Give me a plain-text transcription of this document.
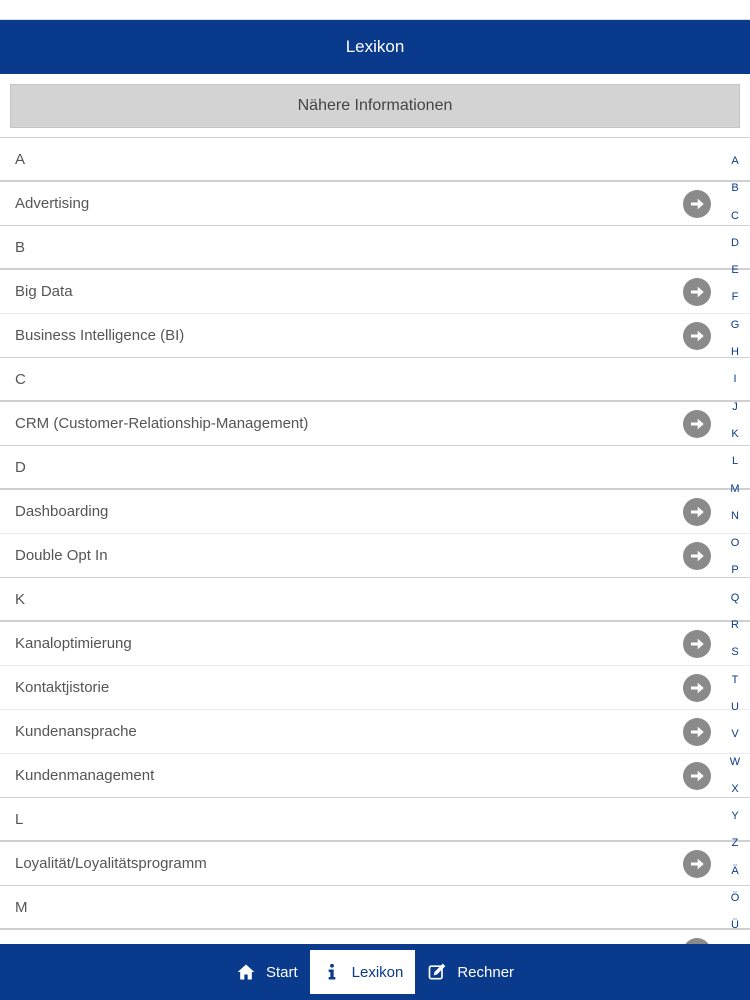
Lexikon
Nähere Informationen
A
Advertising
B
Big Data
Business Intelligence (BI)
C
CRM (Customer-Relationship-Management)
D
Dashboarding
Double Opt In
K
Kanaloptimierung
Kontaktjistorie
Kundenansprache
Kundenmanagement
L
Loyalität/Loyalitätsprogramm
M
A
B
C
D
E
F
G
H
I
J
K
L
M
N
O
P
Q
R
S
T
U
V
W
X
Y
Z
Ä
Ö
Ü
Start	Lexikon	Rechner
